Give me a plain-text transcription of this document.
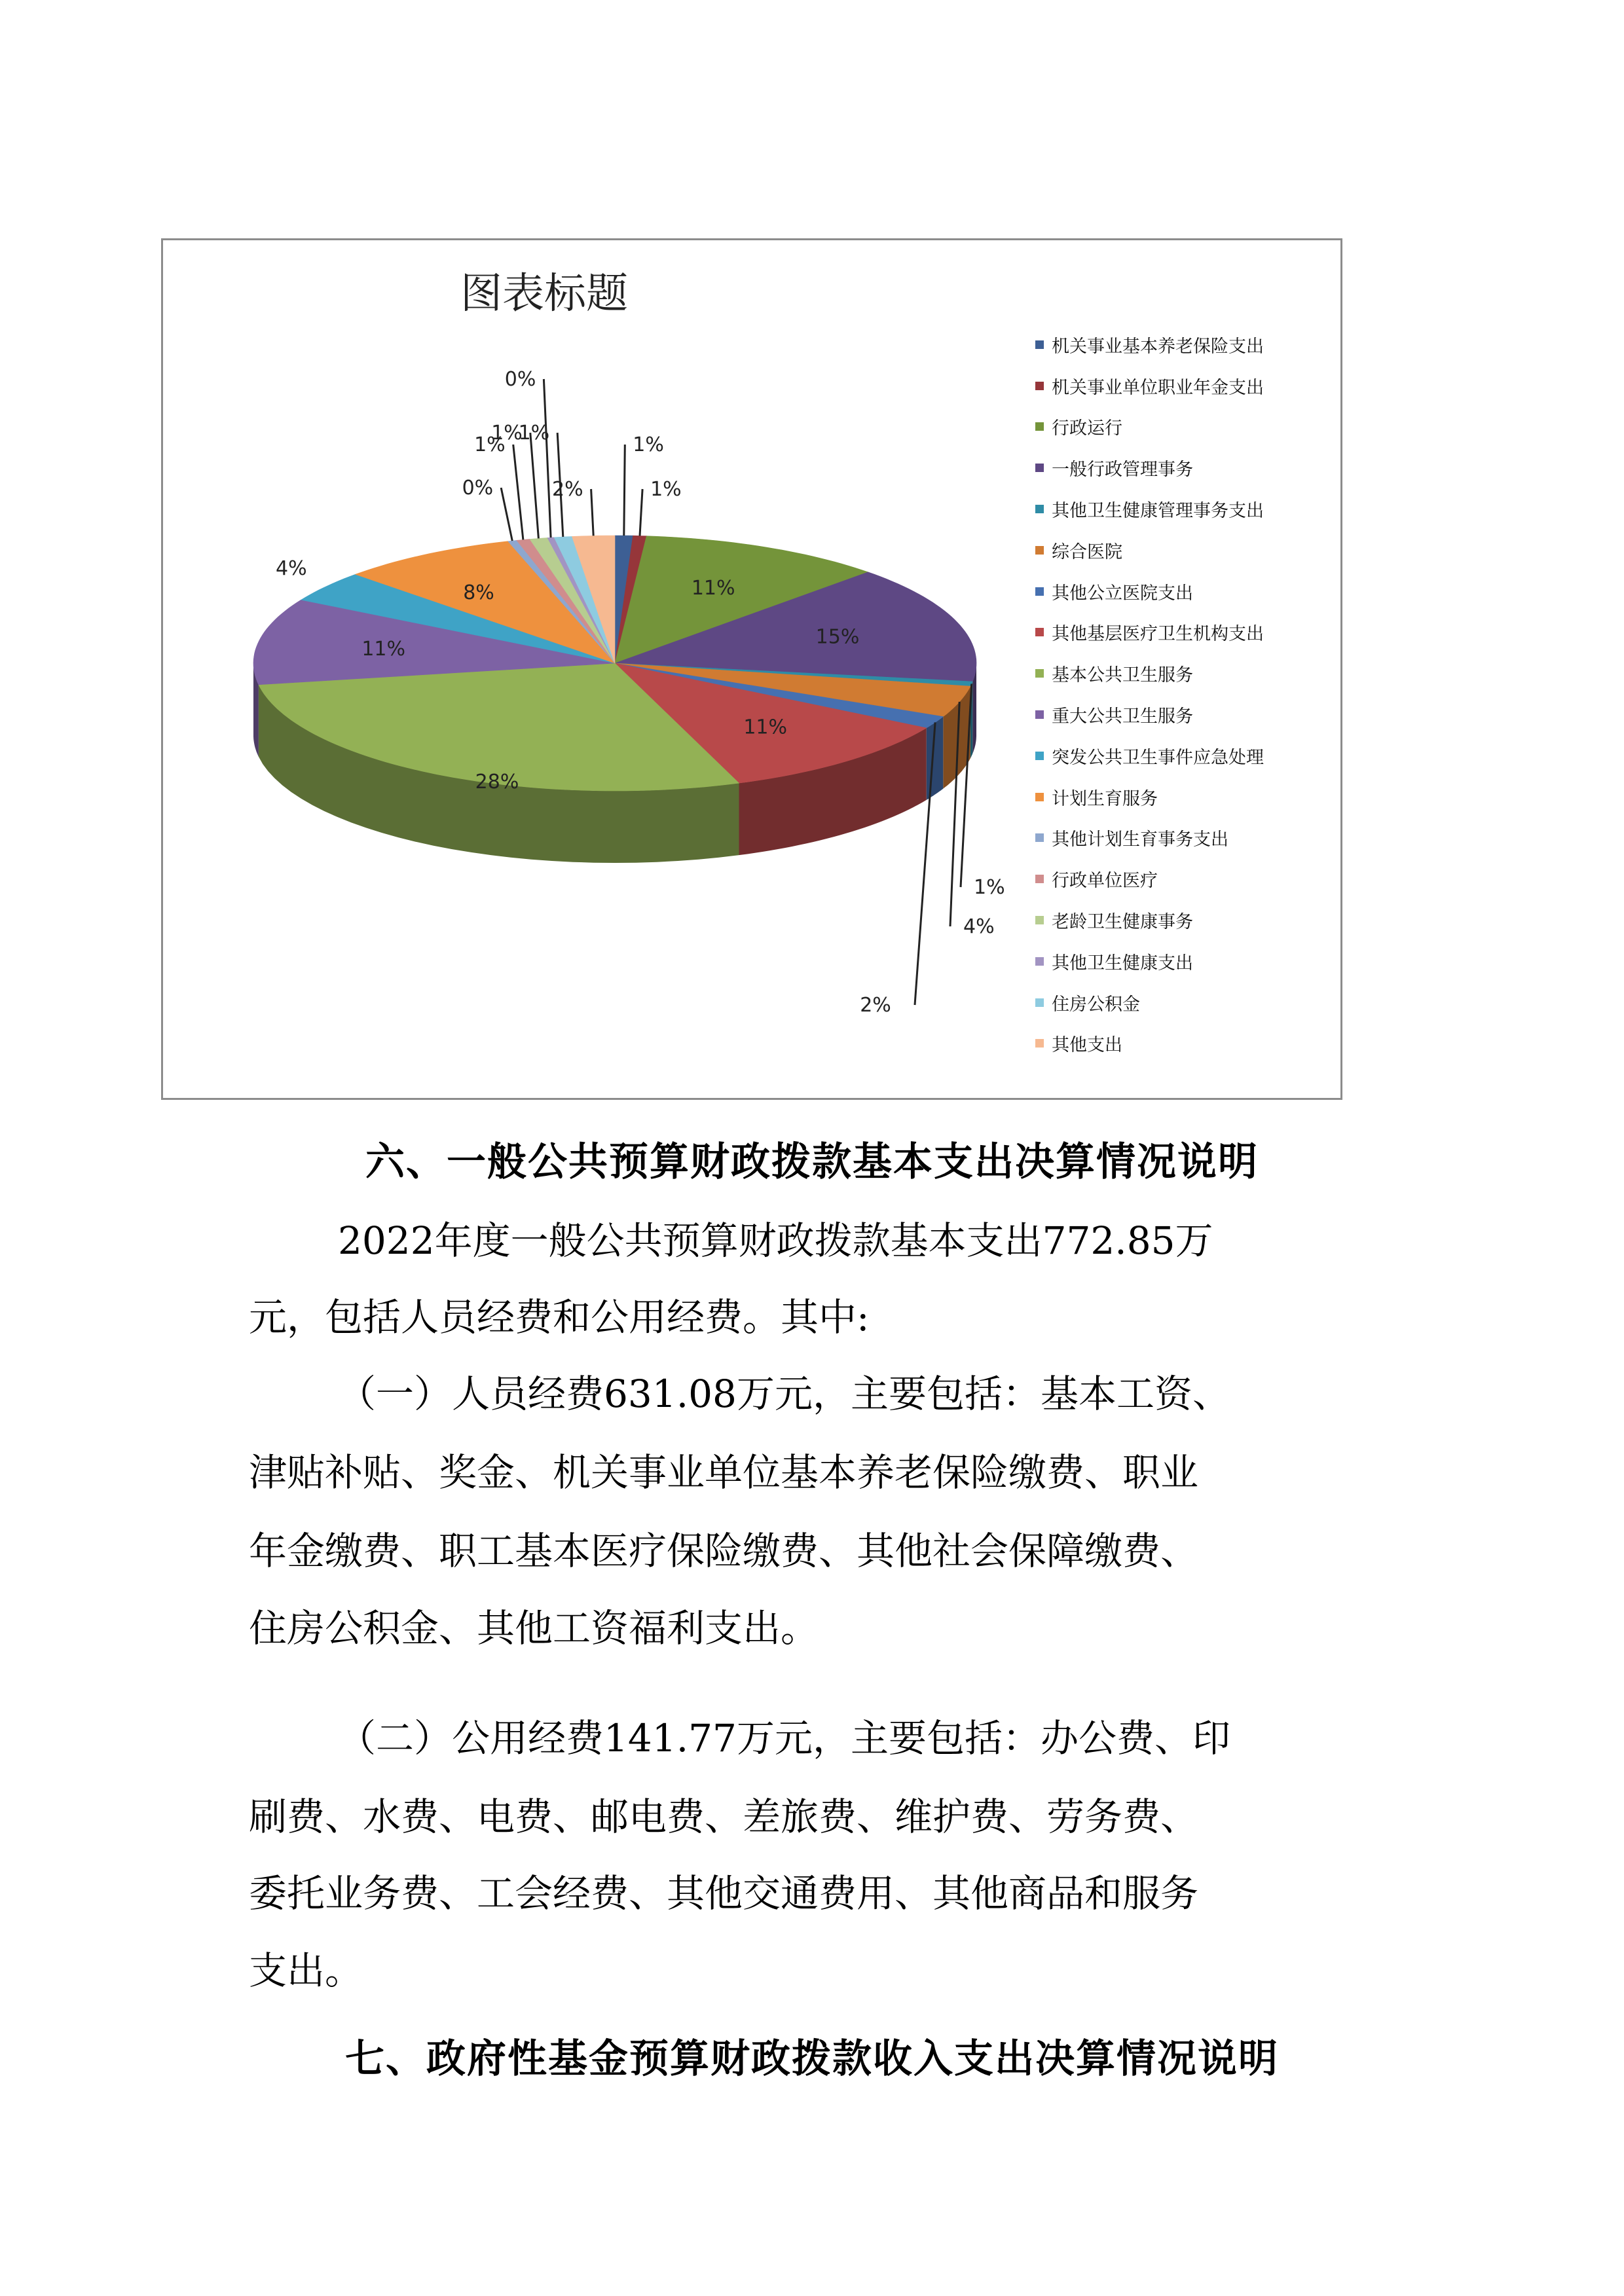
图表标题
1%
1%
11%
15%
1%
4%
2%
11%
28%
11%
4%
8%
0%
1%
1%
0%
1%
2%
机关事业基本养老保险支出
机关事业单位职业年金支出
行政运行
一般行政管理事务
其他卫生健康管理事务支出
综合医院
其他公立医院支出
其他基层医疗卫生机构支出
基本公共卫生服务
重大公共卫生服务
突发公共卫生事件应急处理
计划生育服务
其他计划生育事务支出
行政单位医疗
老龄卫生健康事务
其他卫生健康支出
住房公积金
其他支出
六、一般公共预算财政拨款基本支出决算情况说明

2022年度一般公共预算财政拨款基本支出772.85万

元，包括人员经费和公用经费。其中:

（一）人员经费631.08万元，主要包括：基本工资、

津贴补贴、奖金、机关事业单位基本养老保险缴费、职业

年金缴费、职工基本医疗保险缴费、其他社会保障缴费、

住房公积金、其他工资福利支出。

（二）公用经费141.77万元，主要包括：办公费、印

刷费、水费、电费、邮电费、差旅费、维护费、劳务费、

委托业务费、工会经费、其他交通费用、其他商品和服务

支出。

七、政府性基金预算财政拨款收入支出决算情况说明
